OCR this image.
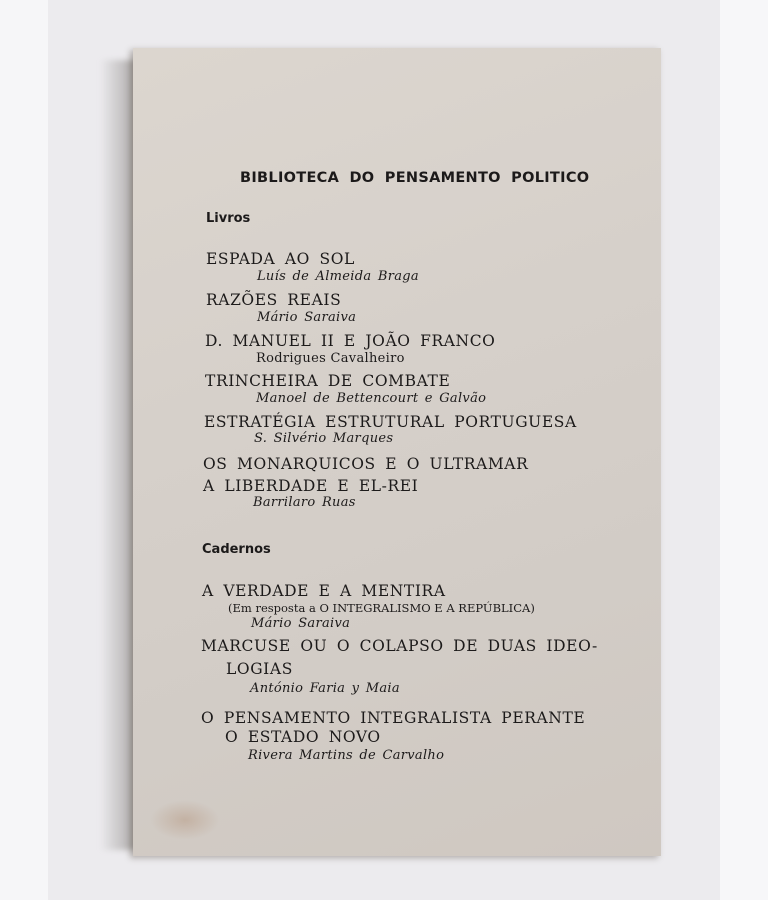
BIBLIOTECA DO PENSAMENTO POLITICO
Livros
ESPADA AO SOL
Luís de Almeida Braga
RAZÕES REAIS
Mário Saraiva
D. MANUEL II E JOÃO FRANCO
Rodrigues Cavalheiro
TRINCHEIRA DE COMBATE
Manoel de Bettencourt e Galvão
ESTRATÉGIA ESTRUTURAL PORTUGUESA
S. Silvério Marques
OS MONARQUICOS E O ULTRAMAR
A LIBERDADE E EL-REI
Barrilaro Ruas
Cadernos
A VERDADE E A MENTIRA
(Em resposta a O INTEGRALISMO E A REPÚBLICA)
Mário Saraiva
MARCUSE OU O COLAPSO DE DUAS IDEO-
LOGIAS
António Faria y Maia
O PENSAMENTO INTEGRALISTA PERANTE
O ESTADO NOVO
Rivera Martins de Carvalho
